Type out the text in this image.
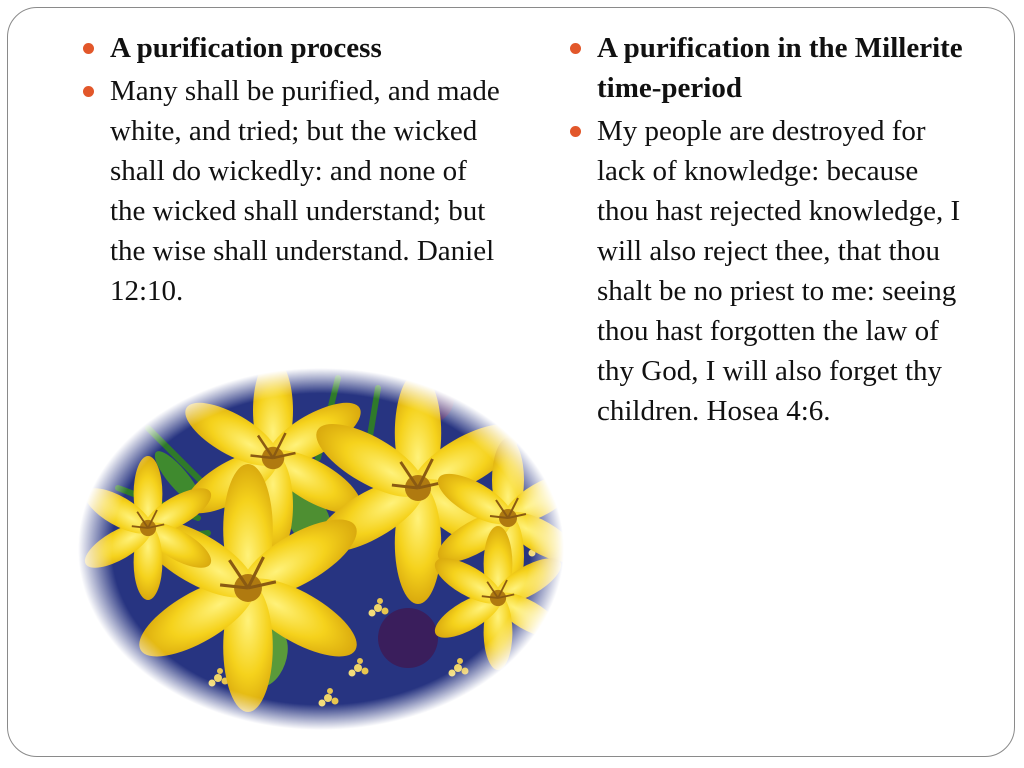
A purification process
Many shall be purified, and made white, and tried; but the wicked shall do wickedly: and none of the wicked shall understand; but the wise shall understand. Daniel 12:10.
A purification in the Millerite time-period
My people are destroyed for lack of knowledge: because thou hast rejected knowledge, I will also reject thee, that thou shalt be no priest to me: seeing thou hast forgotten the law of thy God, I will also forget thy children. Hosea 4:6.
